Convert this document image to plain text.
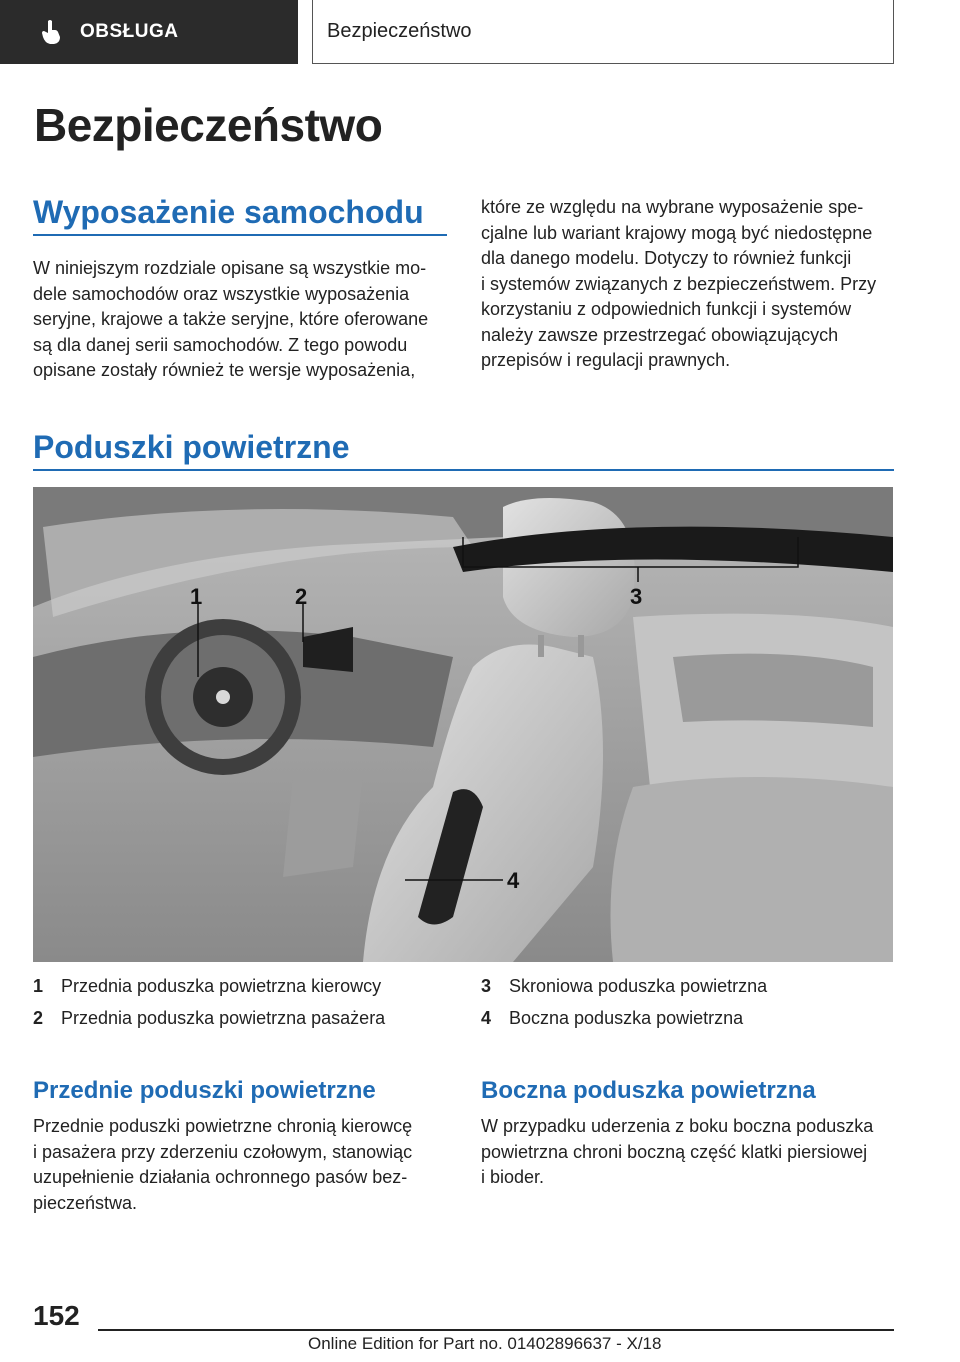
OBSŁUGA	Bezpieczeństwo
Bezpieczeństwo
Wyposażenie samochodu
W niniejszym rozdziale opisane są wszystkie mo-
dele samochodów oraz wszystkie wyposażenia
seryjne, krajowe a także seryjne, które oferowane
są dla danej serii samochodów. Z tego powodu
opisane zostały również te wersje wyposażenia,
które ze względu na wybrane wyposażenie spe-
cjalne lub wariant krajowy mogą być niedostępne
dla danego modelu. Dotyczy to również funkcji
i systemów związanych z bezpieczeństwem. Przy
korzystaniu z odpowiednich funkcji i systemów
należy zawsze przestrzegać obowiązujących
przepisów i regulacji prawnych.
Poduszki powietrzne
1	2	3
4
1 Przednia poduszka powietrzna kierowcy
2 Przednia poduszka powietrzna pasażera
3 Skroniowa poduszka powietrzna
4 Boczna poduszka powietrzna
Przednie poduszki powietrzne
Przednie poduszki powietrzne chronią kierowcę
i pasażera przy zderzeniu czołowym, stanowiąc
uzupełnienie działania ochronnego pasów bez-
pieczeństwa.
Boczna poduszka powietrzna
W przypadku uderzenia z boku boczna poduszka
powietrzna chroni boczną część klatki piersiowej
i bioder.
152
Online Edition for Part no. 01402896637 - X/18
